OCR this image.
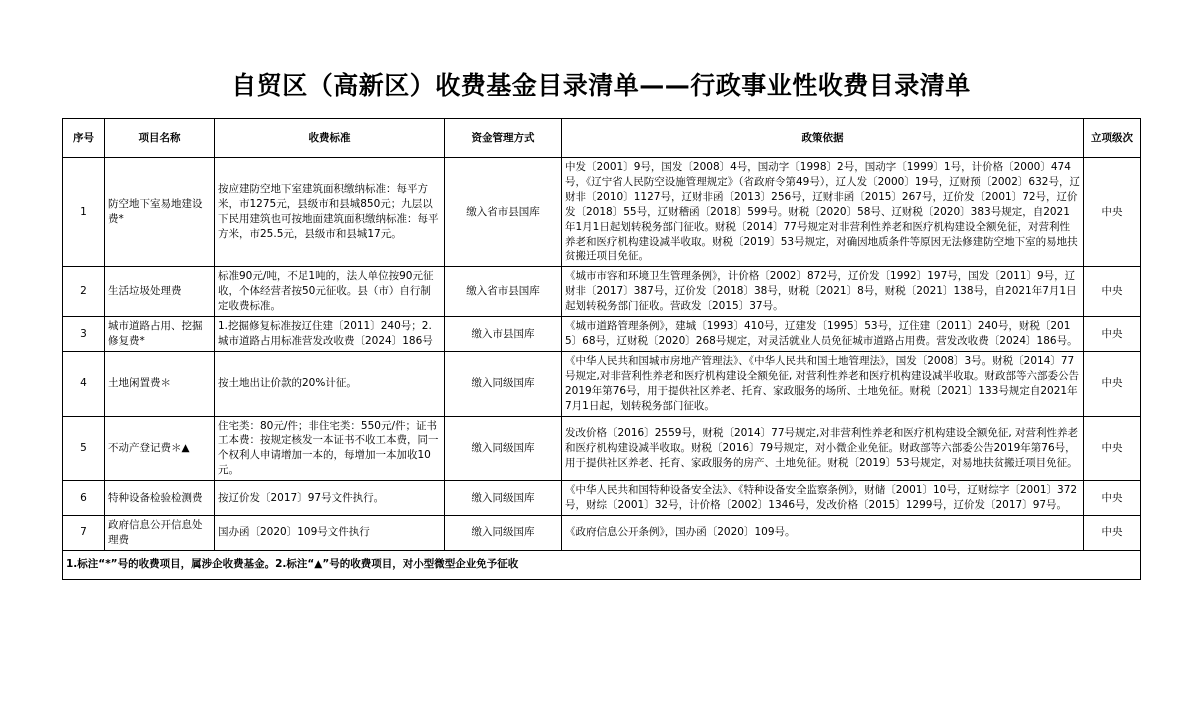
自贸区（高新区）收费基金目录清单——行政事业性收费目录清单
序号	项目名称	收费标准	资金管理方式	政策依据	立项级次
1	防空地下室易地建设费*	按应建防空地下室建筑面积缴纳标准：每平方米，市1275元，县级市和县城850元；九层以下民用建筑也可按地面建筑面积缴纳标准：每平方米，市25.5元，县级市和县城17元。	缴入省市县国库	中发〔2001〕9号，国发〔2008〕4号，国动字〔1998〕2号，国动字〔1999〕1号，计价格〔2000〕474号，《辽宁省人民防空设施管理规定》（省政府令第49号），辽人发〔2000〕19号，辽财预〔2002〕632号，辽财非〔2010〕1127号，辽财非函〔2013〕256号，辽财非函〔2015〕267号，辽价发〔2001〕72号，辽价发〔2018〕55号，辽财稽函〔2018〕599号。财税〔2020〕58号、辽财税〔2020〕383号规定，自2021年1月1日起划转税务部门征收。财税〔2014〕77号规定对非营利性养老和医疗机构建设全额免征，对营利性养老和医疗机构建设减半收取。财税〔2019〕53号规定，对确因地质条件等原因无法修建防空地下室的易地扶贫搬迁项目免征。	中央
2	生活垃圾处理费	标准90元/吨，不足1吨的，法人单位按90元征收，个体经营者按50元征收。县（市）自行制定收费标准。	缴入省市县国库	《城市市容和环境卫生管理条例》，计价格〔2002〕872号，辽价发〔1992〕197号，国发〔2011〕9号，辽财非〔2017〕387号，辽价发〔2018〕38号，财税〔2021〕8号，财税〔2021〕138号，自2021年7月1日起划转税务部门征收。营政发〔2015〕37号。	中央
3	城市道路占用、挖掘修复费*	1.挖掘修复标准按辽住建〔2011〕240号；2.城市道路占用标准营发改收费〔2024〕186号	缴入市县国库	《城市道路管理条例》，建城〔1993〕410号，辽建发〔1995〕53号，辽住建〔2011〕240号，财税〔2015〕68号，辽财税〔2020〕268号规定，对灵活就业人员免征城市道路占用费。营发改收费〔2024〕186号。	中央
4	土地闲置费＊	按土地出让价款的20%计征。	缴入同级国库	《中华人民共和国城市房地产管理法》、《中华人民共和国土地管理法》，国发〔2008〕3号。财税〔2014〕77号规定,对非营利性养老和医疗机构建设全额免征, 对营利性养老和医疗机构建设减半收取。财政部等六部委公告2019年第76号，用于提供社区养老、托育、家政服务的场所、土地免征。财税〔2021〕133号规定自2021年7月1日起，划转税务部门征收。	中央
5	不动产登记费＊▲	住宅类：80元/件；非住宅类：550元/件；证书工本费：按规定核发一本证书不收工本费，同一个权利人申请增加一本的，每增加一本加收10元。	缴入同级国库	发改价格〔2016〕2559号，财税〔2014〕77号规定,对非营利性养老和医疗机构建设全额免征, 对营利性养老和医疗机构建设减半收取。财税〔2016〕79号规定，对小微企业免征。财政部等六部委公告2019年第76号，用于提供社区养老、托育、家政服务的房产、土地免征。财税〔2019〕53号规定，对易地扶贫搬迁项目免征。	中央
6	特种设备检验检测费	按辽价发〔2017〕97号文件执行。	缴入同级国库	《中华人民共和国特种设备安全法》、《特种设备安全监察条例》，财储〔2001〕10号，辽财综字〔2001〕372号，财综〔2001〕32号，计价格〔2002〕1346号，发改价格〔2015〕1299号，辽价发〔2017〕97号。	中央
7	政府信息公开信息处理费	国办函〔2020〕109号文件执行	缴入同级国库	《政府信息公开条例》，国办函〔2020〕109号。	中央
1.标注“*”号的收费项目，属涉企收费基金。2.标注“▲”号的收费项目，对小型微型企业免予征收					
